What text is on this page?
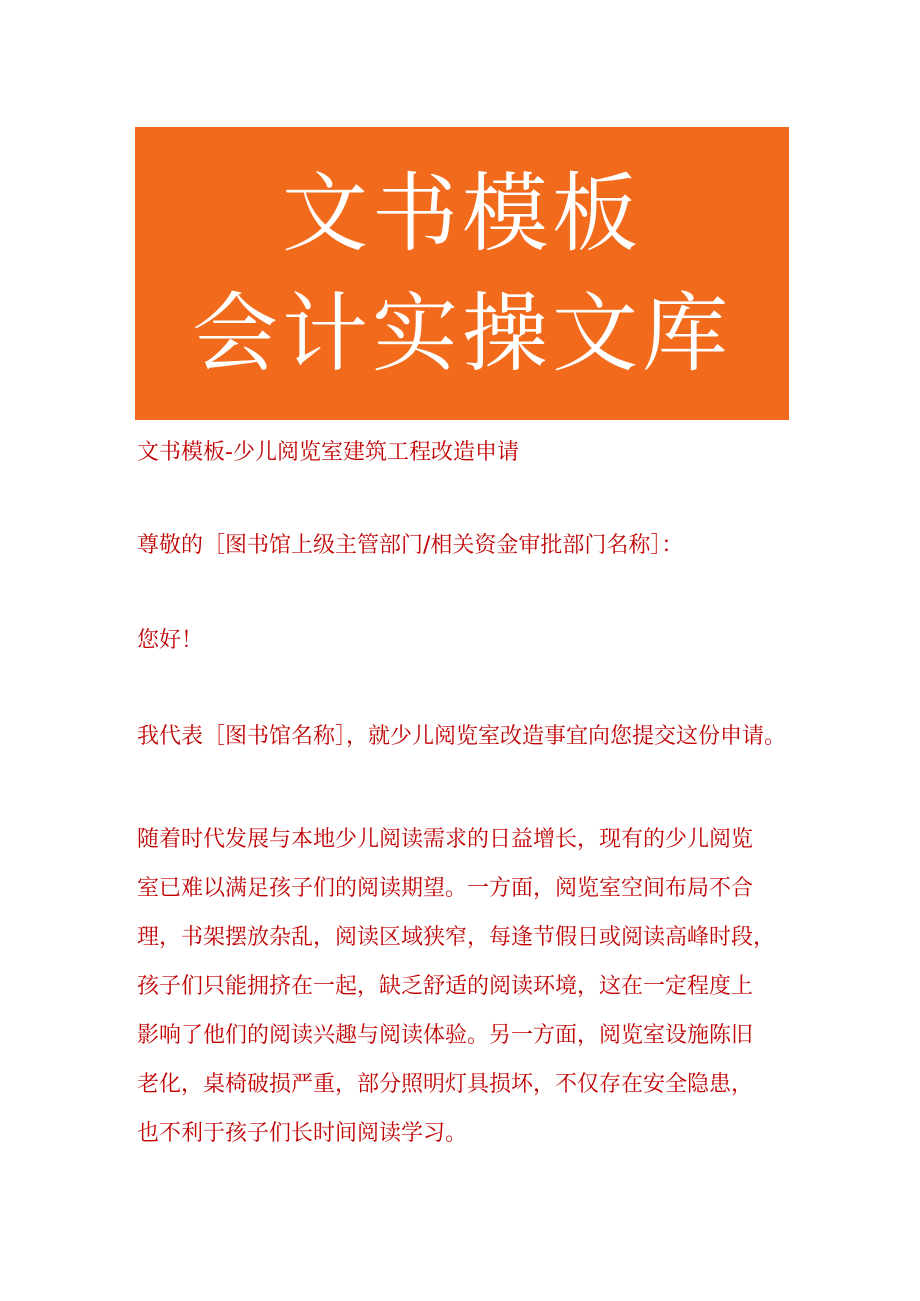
文书模板
会计实操文库

文书模板-少儿阅览室建筑工程改造申请

尊敬的［图书馆上级主管部门/相关资金审批部门名称］：

您好！

我代表［图书馆名称］，就少儿阅览室改造事宜向您提交这份申请。

随着时代发展与本地少儿阅读需求的日益增长，现有的少儿阅览
室已难以满足孩子们的阅读期望。一方面，阅览室空间布局不合
理，书架摆放杂乱，阅读区域狭窄，每逢节假日或阅读高峰时段，
孩子们只能拥挤在一起，缺乏舒适的阅读环境，这在一定程度上
影响了他们的阅读兴趣与阅读体验。另一方面，阅览室设施陈旧
老化，桌椅破损严重，部分照明灯具损坏，不仅存在安全隐患，
也不利于孩子们长时间阅读学习。
